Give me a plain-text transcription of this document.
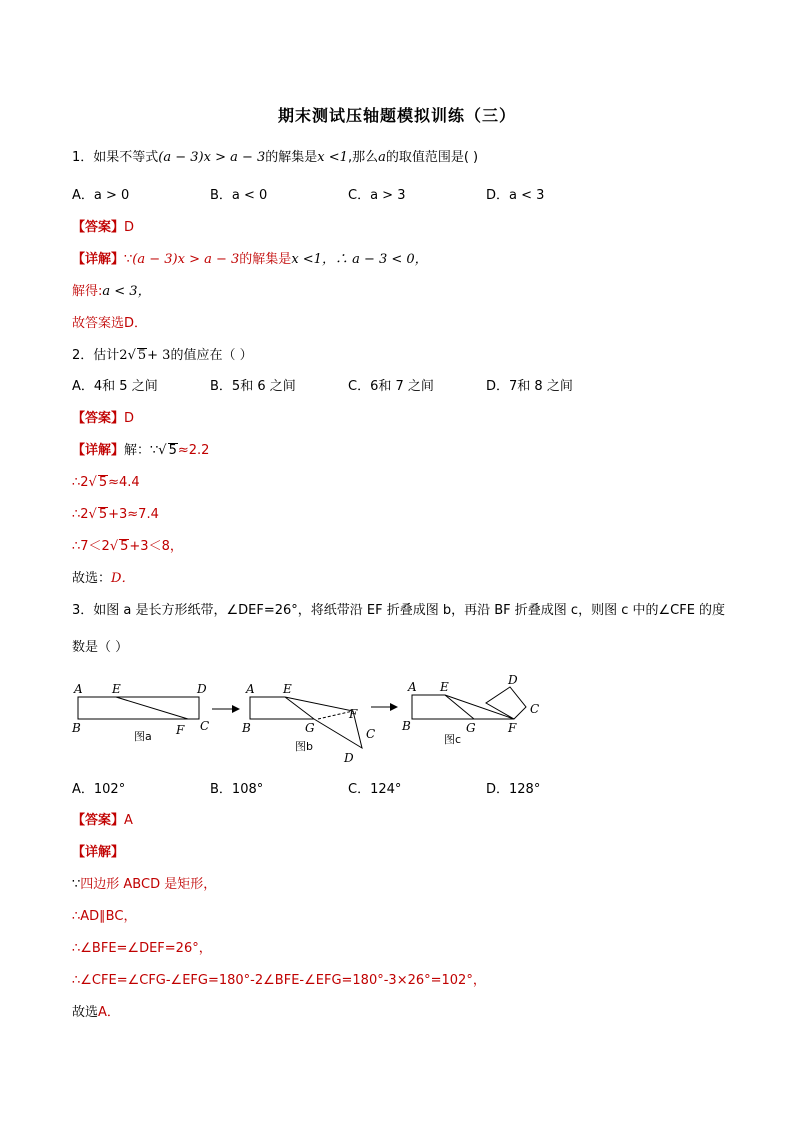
期末测试压轴题模拟训练（三）
1．如果不等式(a − 3)x > a − 3的解集是x <1,那么a的取值范围是( )
A．a > 0	B．a < 0	C．a > 3	D．a < 3
【答案】D
【详解】∵(a − 3)x > a − 3的解集是x <1，∴ a − 3 < 0，
解得:a < 3，
故答案选D．
2．估计2√ 5+ 3的值应在（ ）
A．4和 5 之间	B．5和 6 之间	C．6和 7 之间	D．7和 8 之间
【答案】D
【详解】解：∵√ 5≈2.2
∴2√ 5≈4.4
∴2√ 5+3≈7.4
∴7＜2√ 5+3＜8，
故选：D．
3．如图 a 是长方形纸带，∠DEF=26°，将纸带沿 EF 折叠成图 b，再沿 BF 折叠成图 c，则图 c 中的∠CFE 的度
数是（ ）
A E	D
B	F C
图a
A E
F
B	G	C
D
图b
A E	D
C
B	G	F
图c
A．102°	B．108°	C．124°	D．128°
【答案】A
【详解】
∵四边形 ABCD 是矩形，
∴AD∥BC，
∴∠BFE=∠DEF=26°，
∴∠CFE=∠CFG-∠EFG=180°-2∠BFE-∠EFG=180°-3×26°=102°，
故选A．
